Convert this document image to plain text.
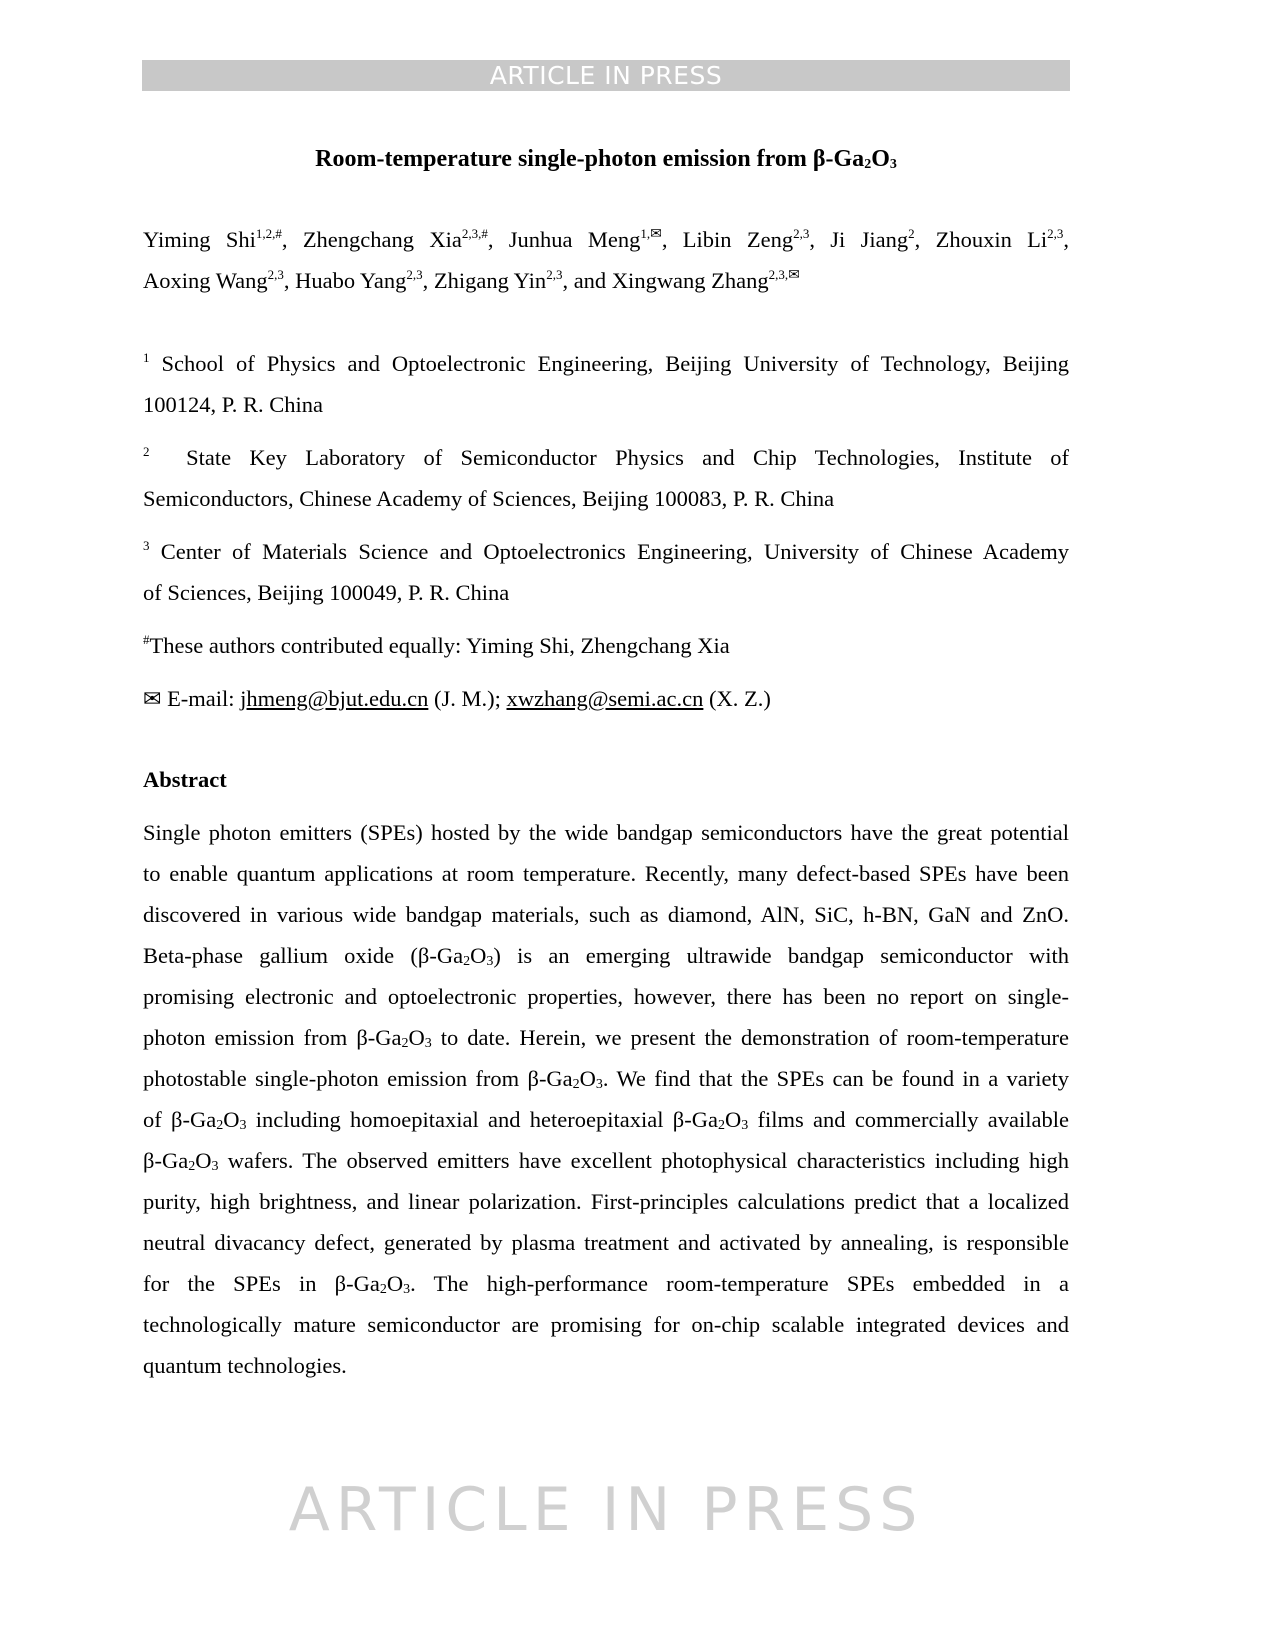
ARTICLE IN PRESS
Room-temperature single-photon emission from $\beta-Ga_2O_3$
Yiming Shi$^{1,2,\#}$, Zhengchang Xia$^{2,3,\#}$, Junhua Meng$^{1,✉}$, Libin Zeng$^{2,3}$, Ji Jiang$^2$, Zhouxin Li$^{2,3}$,
Aoxing Wang$^{2,3}$, Huabo Yang$^{2,3}$, Zhigang Yin$^{2,3}$, and Xingwang Zhang$^{2,3,✉}$
$^1$ School of Physics and Optoelectronic Engineering, Beijing University of Technology, Beijing
100124, P. R. China
$^2$ State Key Laboratory of Semiconductor Physics and Chip Technologies, Institute of
Semiconductors, Chinese Academy of Sciences, Beijing 100083, P. R. China
$^3$ Center of Materials Science and Optoelectronics Engineering, University of Chinese Academy
of Sciences, Beijing 100049, P. R. China
#These authors contributed equally: Yiming Shi, Zhengchang Xia
✉ E-mail: jhmeng@bjut.edu.cn (J. M.); xwzhang@semi.ac.cn (X. Z.)
Abstract
Single photon emitters (SPEs) hosted by the wide bandgap semiconductors have the great potential
to enable quantum applications at room temperature. Recently, many defect-based SPEs have been
discovered in various wide bandgap materials, such as diamond, AlN, SiC, h-BN, GaN and ZnO.
Beta-phase gallium oxide $(\beta-Ga_2O_3)$ is an emerging ultrawide bandgap semiconductor with
promising electronic and optoelectronic properties, however, there has been no report on single-
photon emission from $\beta-Ga_2O_3$ to date. Herein, we present the demonstration of room-temperature
photostable single-photon emission from $\beta-Ga_2O_3$. We find that the SPEs can be found in a variety
of $\beta-Ga_2O_3$ including homoepitaxial and heteroepitaxial $\beta-Ga_2O_3$ films and commercially available
$\beta-Ga_2O_3$ wafers. The observed emitters have excellent photophysical characteristics including high
purity, high brightness, and linear polarization. First-principles calculations predict that a localized
neutral divacancy defect, generated by plasma treatment and activated by annealing, is responsible
for the SPEs in $\beta-Ga_2O_3$. The high-performance room-temperature SPEs embedded in a
technologically mature semiconductor are promising for on-chip scalable integrated devices and
quantum technologies.
ARTICLE IN PRESS
